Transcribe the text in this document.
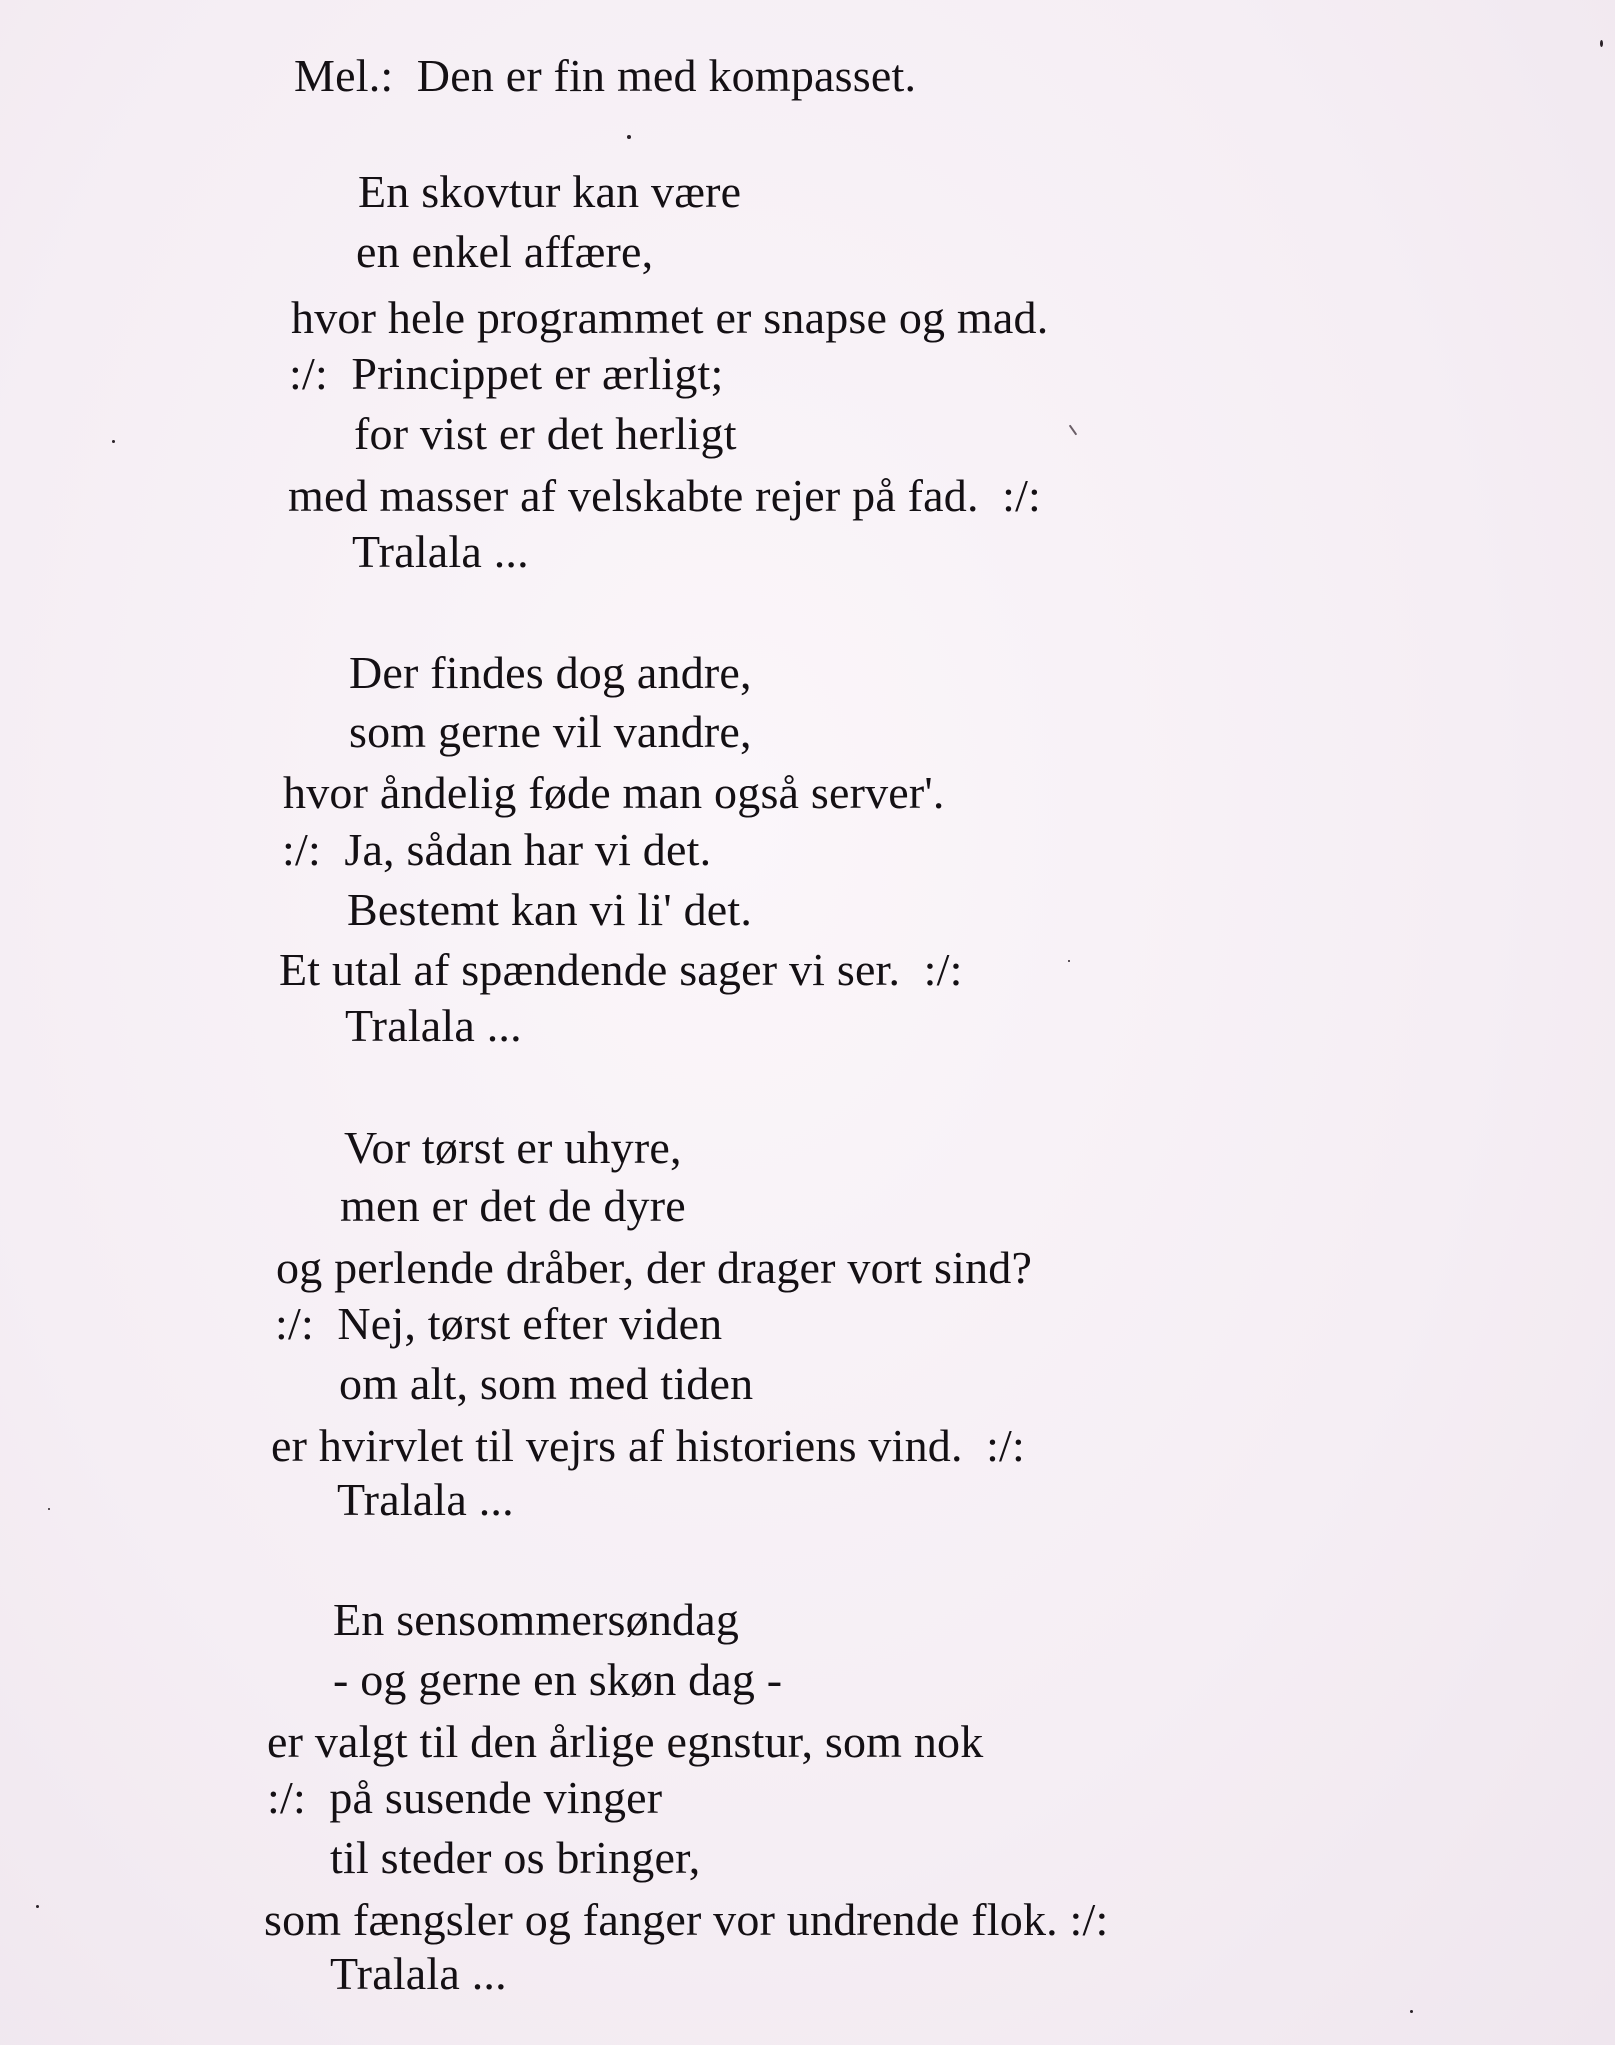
Mel.:  Den er fin med kompasset.
En skovtur kan være
en enkel affære,
hvor hele programmet er snapse og mad.
:/:  Princippet er ærligt;
for vist er det herligt
med masser af velskabte rejer på fad.  :/:
Tralala ...
Der findes dog andre,
som gerne vil vandre,
hvor åndelig føde man også server'.
:/:  Ja, sådan har vi det.
Bestemt kan vi li' det.
Et utal af spændende sager vi ser.  :/:
Tralala ...
Vor tørst er uhyre,
men er det de dyre
og perlende dråber, der drager vort sind?
:/:  Nej, tørst efter viden
om alt, som med tiden
er hvirvlet til vejrs af historiens vind.  :/:
Tralala ...
En sensommersøndag
- og gerne en skøn dag -
er valgt til den årlige egnstur, som nok
:/:  på susende vinger
til steder os bringer,
som fængsler og fanger vor undrende flok. :/:
Tralala ...
